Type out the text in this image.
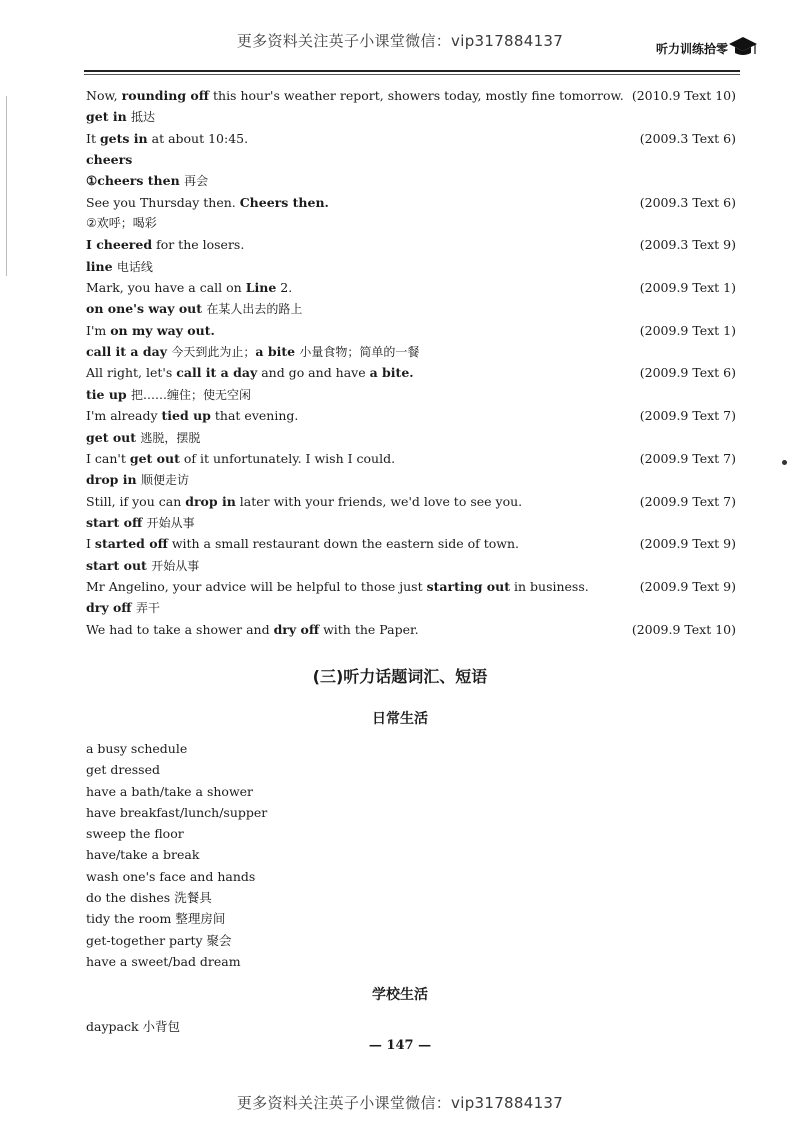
更多资料关注英子小课堂微信：vip317884137	听力训练拾零
Now, rounding off this hour's weather report, showers today, mostly fine tomorrow. (2010.9 Text 10)
get in 抵达
It gets in at about 10:45.	(2009.3 Text 6)
cheers
①cheers then 再会
See you Thursday then. Cheers then.	(2009.3 Text 6)
②欢呼；喝彩
I cheered for the losers.	(2009.3 Text 9)
line 电话线
Mark, you have a call on Line 2.	(2009.9 Text 1)
on one's way out 在某人出去的路上
I'm on my way out.	(2009.9 Text 1)
call it a day 今天到此为止；a bite 小量食物；简单的一餐
All right, let's call it a day and go and have a bite.	(2009.9 Text 6)
tie up 把……缠住；使无空闲
I'm already tied up that evening.	(2009.9 Text 7)
get out 逃脱，摆脱
I can't get out of it unfortunately. I wish I could.	(2009.9 Text 7)
drop in 顺便走访
Still, if you can drop in later with your friends, we'd love to see you.	(2009.9 Text 7)
start off 开始从事
I started off with a small restaurant down the eastern side of town.	(2009.9 Text 9)
start out 开始从事
Mr Angelino, your advice will be helpful to those just starting out in business.	(2009.9 Text 9)
dry off 弄干
We had to take a shower and dry off with the Paper.	(2009.9 Text 10)
(三)听力话题词汇、短语
日常生活
a busy schedule
get dressed
have a bath/take a shower
have breakfast/lunch/supper
sweep the floor
have/take a break
wash one's face and hands
do the dishes 洗餐具
tidy the room 整理房间
get-together party 聚会
have a sweet/bad dream
学校生活
daypack 小背包
— 147 —
更多资料关注英子小课堂微信：vip317884137
